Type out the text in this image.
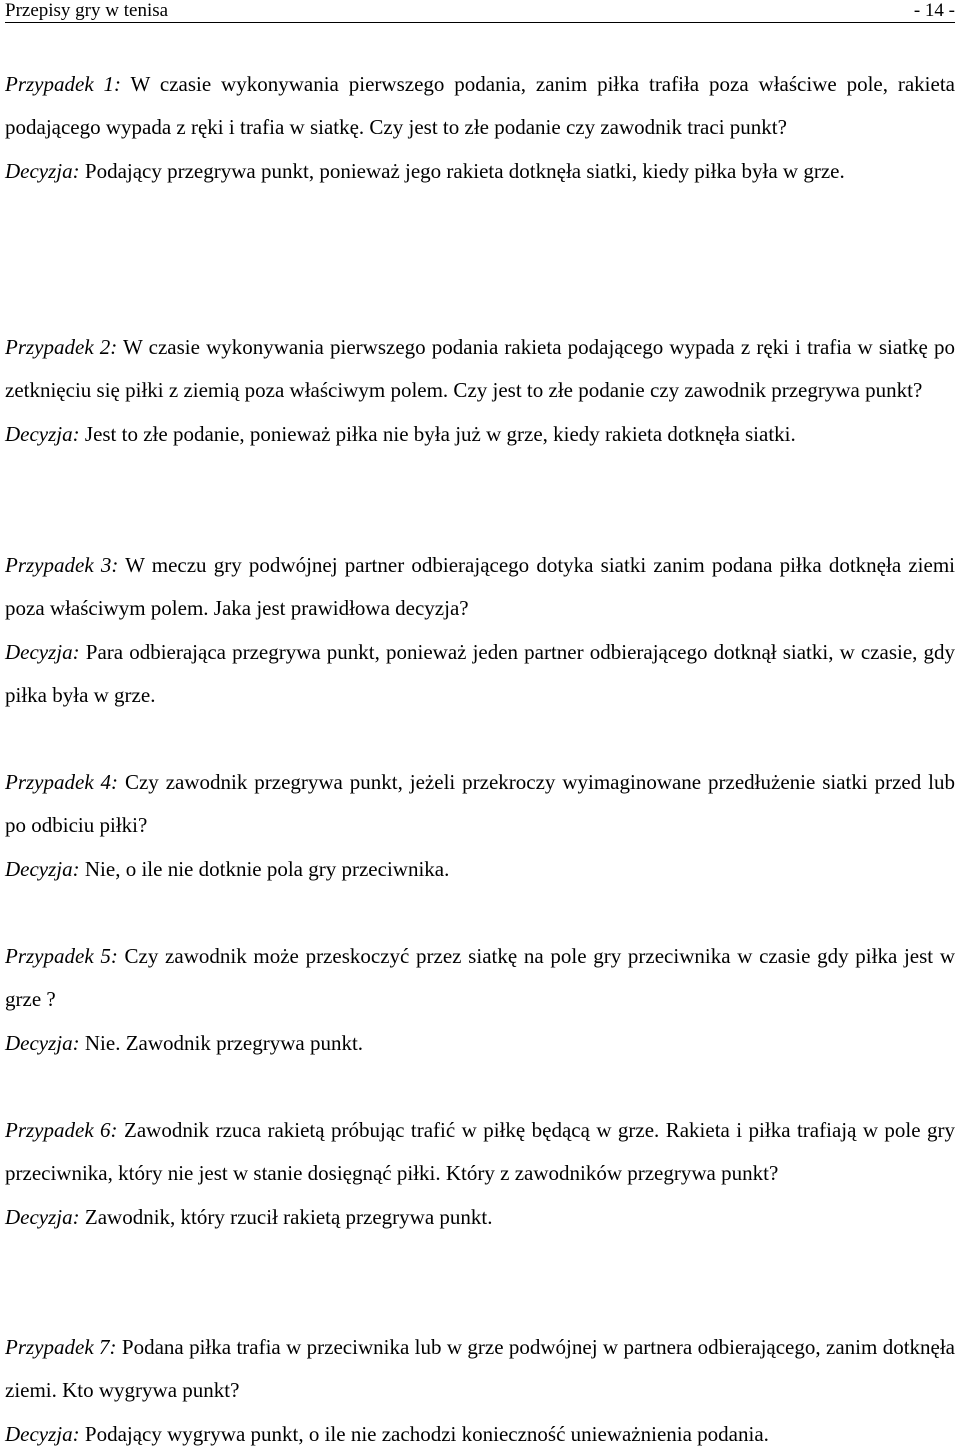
Przepisy gry w tenisa	- 14 -

Przypadek 1: W czasie wykonywania pierwszego podania, zanim piłka trafiła poza właściwe pole, rakieta podającego wypada z ręki i trafia w siatkę. Czy jest to złe podanie czy zawodnik traci punkt?

Decyzja: Podający przegrywa punkt, ponieważ jego rakieta dotknęła siatki, kiedy piłka była w grze.

Przypadek 2: W czasie wykonywania pierwszego podania rakieta podającego wypada z ręki i trafia w siatkę po zetknięciu się piłki z ziemią poza właściwym polem. Czy jest to złe podanie czy zawodnik przegrywa punkt?

Decyzja: Jest to złe podanie, ponieważ piłka nie była już w grze, kiedy rakieta dotknęła siatki.

Przypadek 3: W meczu gry podwójnej partner odbierającego dotyka siatki zanim podana piłka dotknęła ziemi poza właściwym polem. Jaka jest prawidłowa decyzja?

Decyzja: Para odbierająca przegrywa punkt, ponieważ jeden partner odbierającego dotknął siatki, w czasie, gdy piłka była w grze.

Przypadek 4: Czy zawodnik przegrywa punkt, jeżeli przekroczy wyimaginowane przedłużenie siatki przed lub po odbiciu piłki?

Decyzja: Nie, o ile nie dotknie pola gry przeciwnika.

Przypadek 5: Czy zawodnik może przeskoczyć przez siatkę na pole gry przeciwnika w czasie gdy piłka jest w grze ?

Decyzja: Nie. Zawodnik przegrywa punkt.

Przypadek 6: Zawodnik rzuca rakietą próbując trafić w piłkę będącą w grze. Rakieta i piłka trafiają w pole gry przeciwnika, który nie jest w stanie dosięgnąć piłki. Który z zawodników przegrywa punkt?

Decyzja: Zawodnik, który rzucił rakietą przegrywa punkt.

Przypadek 7: Podana piłka trafia w przeciwnika lub w grze podwójnej w partnera odbierającego, zanim dotknęła ziemi. Kto wygrywa punkt?

Decyzja: Podający wygrywa punkt, o ile nie zachodzi konieczność unieważnienia podania.
